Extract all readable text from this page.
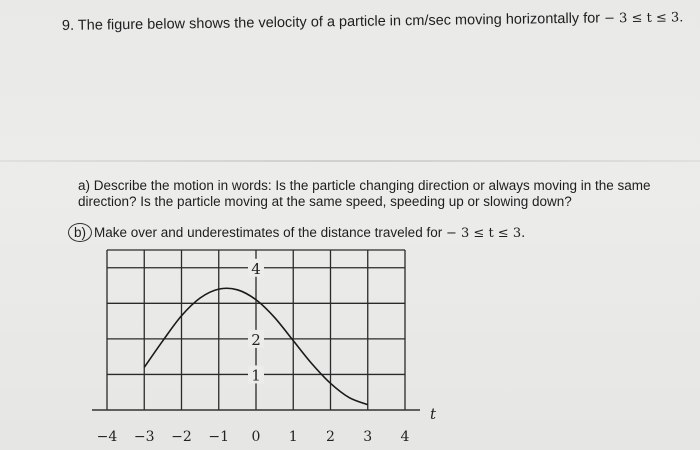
9. The figure below shows the velocity of a particle in cm/sec moving horizontally for − 3 ≤ t ≤ 3.
a) Describe the motion in words: Is the particle changing direction or always moving in the same direction? Is the particle moving at the same speed, speeding up or slowing down?
b) Make over and underestimates of the distance traveled for − 3 ≤ t ≤ 3.
−4 −3 −2 −1 0 1 2 3 4
1
2
4
t
